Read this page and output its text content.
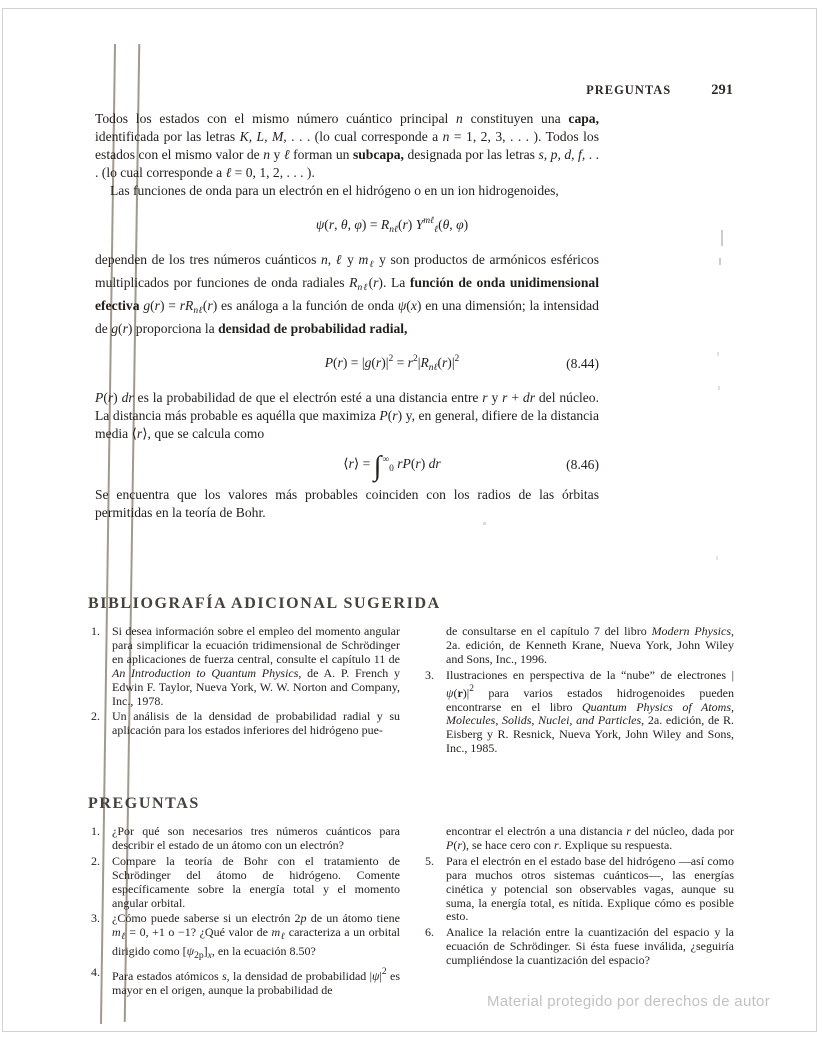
PREGUNTAS	291

Todos los estados con el mismo número cuántico principal n constituyen una capa, identificada por las letras K, L, M, . . . (lo cual corresponde a n = 1, 2, 3, . . . ). Todos los estados con el mismo valor de n y ℓ forman un subcapa, designada por las letras s, p, d, f, . . . (lo cual corresponde a ℓ = 0, 1, 2, . . . ).

Las funciones de onda para un electrón en el hidrógeno o en un ion hidrogenoides,

ψ(r, θ, $\varphi) = R_{n\ell}(r)$ $Y^{m\ell}_\ell(\theta$, φ)

dependen de los tres números cuánticos n, ℓ y $m_\ell$ y son productos de armónicos esféricos multiplicados por funciones de onda radiales $R_{n\ell}(r)$. La función de onda unidimensional efectiva $g(r) = rR_{n\ell}(r)$ es análoga a la función de onda ψ(x) en una dimensión; la intensidad de g(r) proporciona la densidad de probabilidad radial,

$P(r) = |g(r)|^2 = r^2|R_{n\ell}(r)|^2$	(8.44)

P(r) dr es la probabilidad de que el electrón esté a una distancia entre r y r + dr del núcleo. La distancia más probable es aquélla que maximiza P(r) y, en general, difiere de la distancia media ⟨r⟩, que se calcula como

⟨r⟩ = $\int^\infty_0$ rP(r) dr	(8.46)

Se encuentra que los valores más probables coinciden con los radios de las órbitas permitidas en la teoría de Bohr.

BIBLIOGRAFÍA ADICIONAL SUGERIDA
1. Si desea información sobre el empleo del momento angular para simplificar la ecuación tridimensional de Schrödinger en aplicaciones de fuerza central, consulte el capítulo 11 de An Introduction to Quantum Physics, de A. P. French y Edwin F. Taylor, Nueva York, W. W. Norton and Company, Inc., 1978.
2. Un análisis de la densidad de probabilidad radial y su aplicación para los estados inferiores del hidrógeno pue-
de consultarse en el capítulo 7 del libro Modern Physics, 2a. edición, de Kenneth Krane, Nueva York, John Wiley and Sons, Inc., 1996.
3. Ilustraciones en perspectiva de la “nube” de electrones $|\psi(r)|^2$ para varios estados hidrogenoides pueden encontrarse en el libro Quantum Physics of Atoms, Molecules, Solids, Nuclei, and Particles, 2a. edición, de R. Eisberg y R. Resnick, Nueva York, John Wiley and Sons, Inc., 1985.
PREGUNTAS
1. ¿Por qué son necesarios tres números cuánticos para describir el estado de un átomo con un electrón?
2. Compare la teoría de Bohr con el tratamiento de Schrödinger del átomo de hidrógeno. Comente específicamente sobre la energía total y el momento angular orbital.
3. ¿Cómo puede saberse si un electrón 2p de un átomo tiene $m_\ell = 0$, +1 o −1? ¿Qué valor de $m_\ell$ caracteriza a un orbital dirigido como $[\psi_{2p}]_x$, en la ecuación 8.50?
4. Para estados atómicos s, la densidad de probabilidad $|\psi|^2$ es mayor en el origen, aunque la probabilidad de
encontrar el electrón a una distancia r del núcleo, dada por P(r), se hace cero con r. Explique su respuesta.
5. Para el electrón en el estado base del hidrógeno —así como para muchos otros sistemas cuánticos—, las energías cinética y potencial son observables vagas, aunque su suma, la energía total, es nítida. Explique cómo es posible esto.
6. Analice la relación entre la cuantización del espacio y la ecuación de Schrödinger. Si ésta fuese inválida, ¿seguiría cumpliéndose la cuantización del espacio?
Material protegido por derechos de autor
